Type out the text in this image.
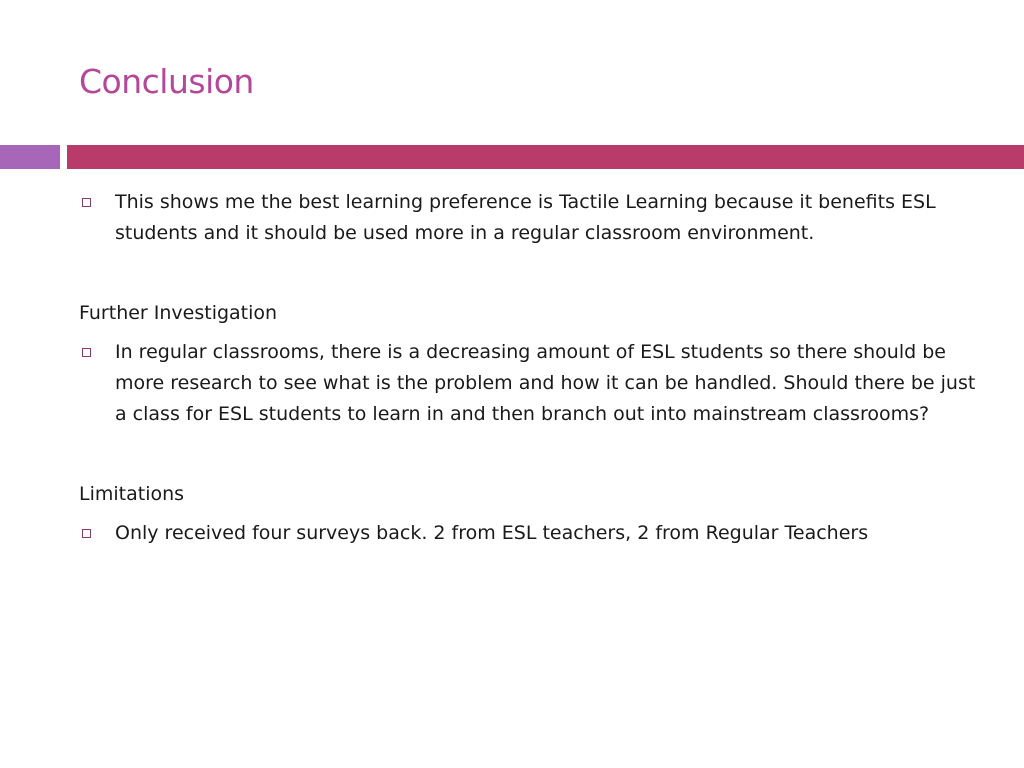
Conclusion

This shows me the best learning preference is Tactile Learning because it benefits ESL students and it should be used more in a regular classroom environment.

Further Investigation

In regular classrooms, there is a decreasing amount of ESL students so there should be more research to see what is the problem and how it can be handled. Should there be just a class for ESL students to learn in and then branch out into mainstream classrooms?

Limitations

Only received four surveys back. 2 from ESL teachers, 2 from Regular Teachers
